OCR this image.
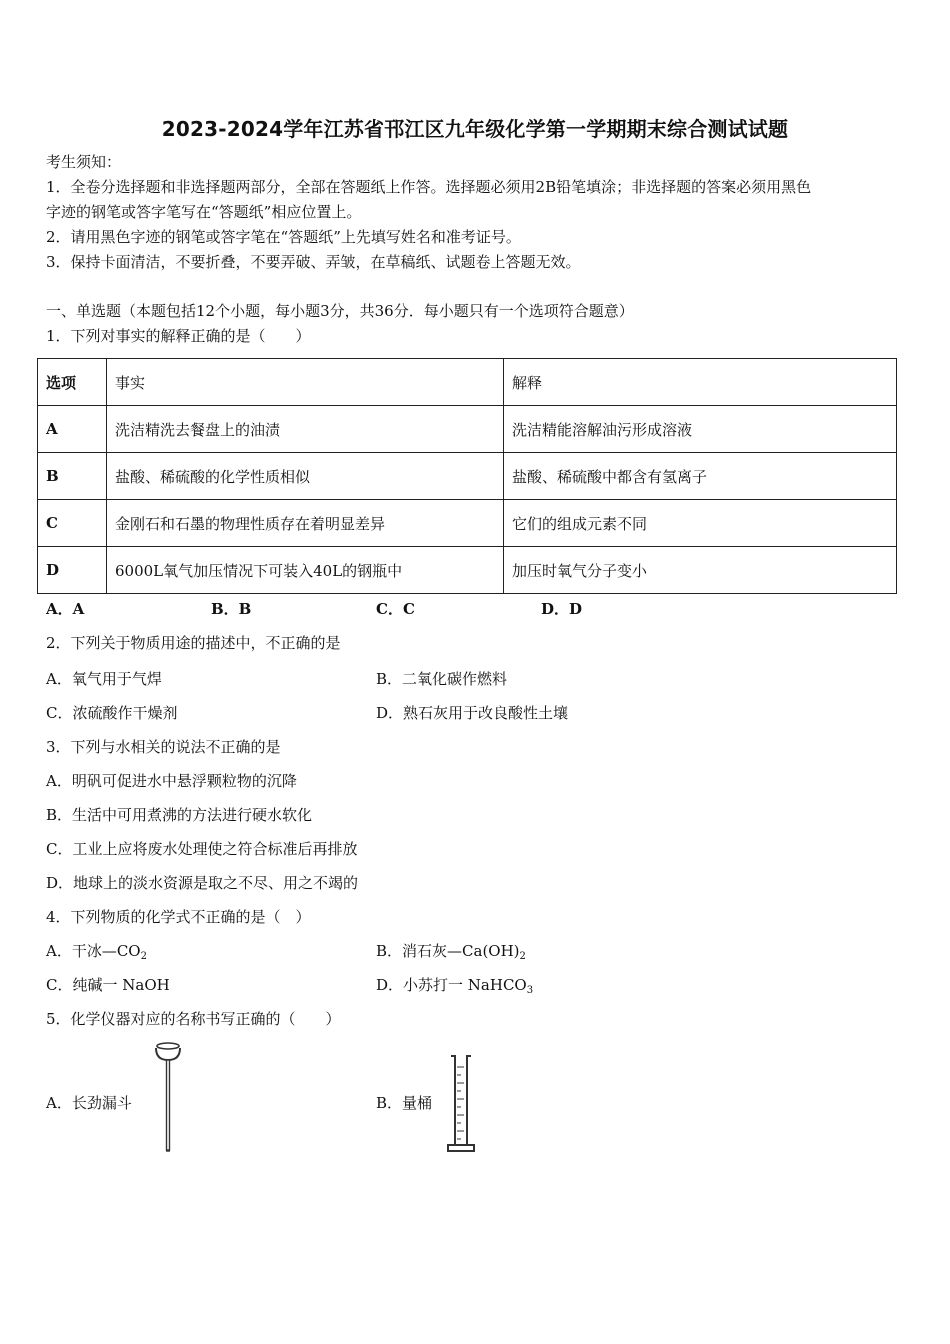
2023-2024学年江苏省邗江区九年级化学第一学期期末综合测试试题
考生须知：
1．全卷分选择题和非选择题两部分，全部在答题纸上作答。选择题必须用2B铅笔填涂；非选择题的答案必须用黑色
字迹的钢笔或答字笔写在“答题纸”相应位置上。
2．请用黑色字迹的钢笔或答字笔在“答题纸”上先填写姓名和准考证号。
3．保持卡面清洁，不要折叠，不要弄破、弄皱，在草稿纸、试题卷上答题无效。
一、单选题（本题包括12个小题，每小题3分，共36分．每小题只有一个选项符合题意）
1．下列对事实的解释正确的是（　　）
选项	事实	解释
A	洗洁精洗去餐盘上的油渍	洗洁精能溶解油污形成溶液
B	盐酸、稀硫酸的化学性质相似	盐酸、稀硫酸中都含有氢离子
C	金刚石和石墨的物理性质存在着明显差异	它们的组成元素不同
D	6000L氧气加压情况下可装入40L的钢瓶中	加压时氧气分子变小
A．A	B．B	C．C	D．D
2．下列关于物质用途的描述中，不正确的是
A．氧气用于气焊	B．二氧化碳作燃料
C．浓硫酸作干燥剂	D．熟石灰用于改良酸性土壤
3．下列与水相关的说法不正确的是
A．明矾可促进水中悬浮颗粒物的沉降
B．生活中可用煮沸的方法进行硬水软化
C．工业上应将废水处理使之符合标准后再排放
D．地球上的淡水资源是取之不尽、用之不竭的
4．下列物质的化学式不正确的是（　）
A．干冰$—CO_2$	B．消石灰$—Ca(OH)_2$
C．纯碱一 NaOH	D．小苏打一 NaHCO$_3$
5．化学仪器对应的名称书写正确的（　　）
A．长劲漏斗	B．量桶
